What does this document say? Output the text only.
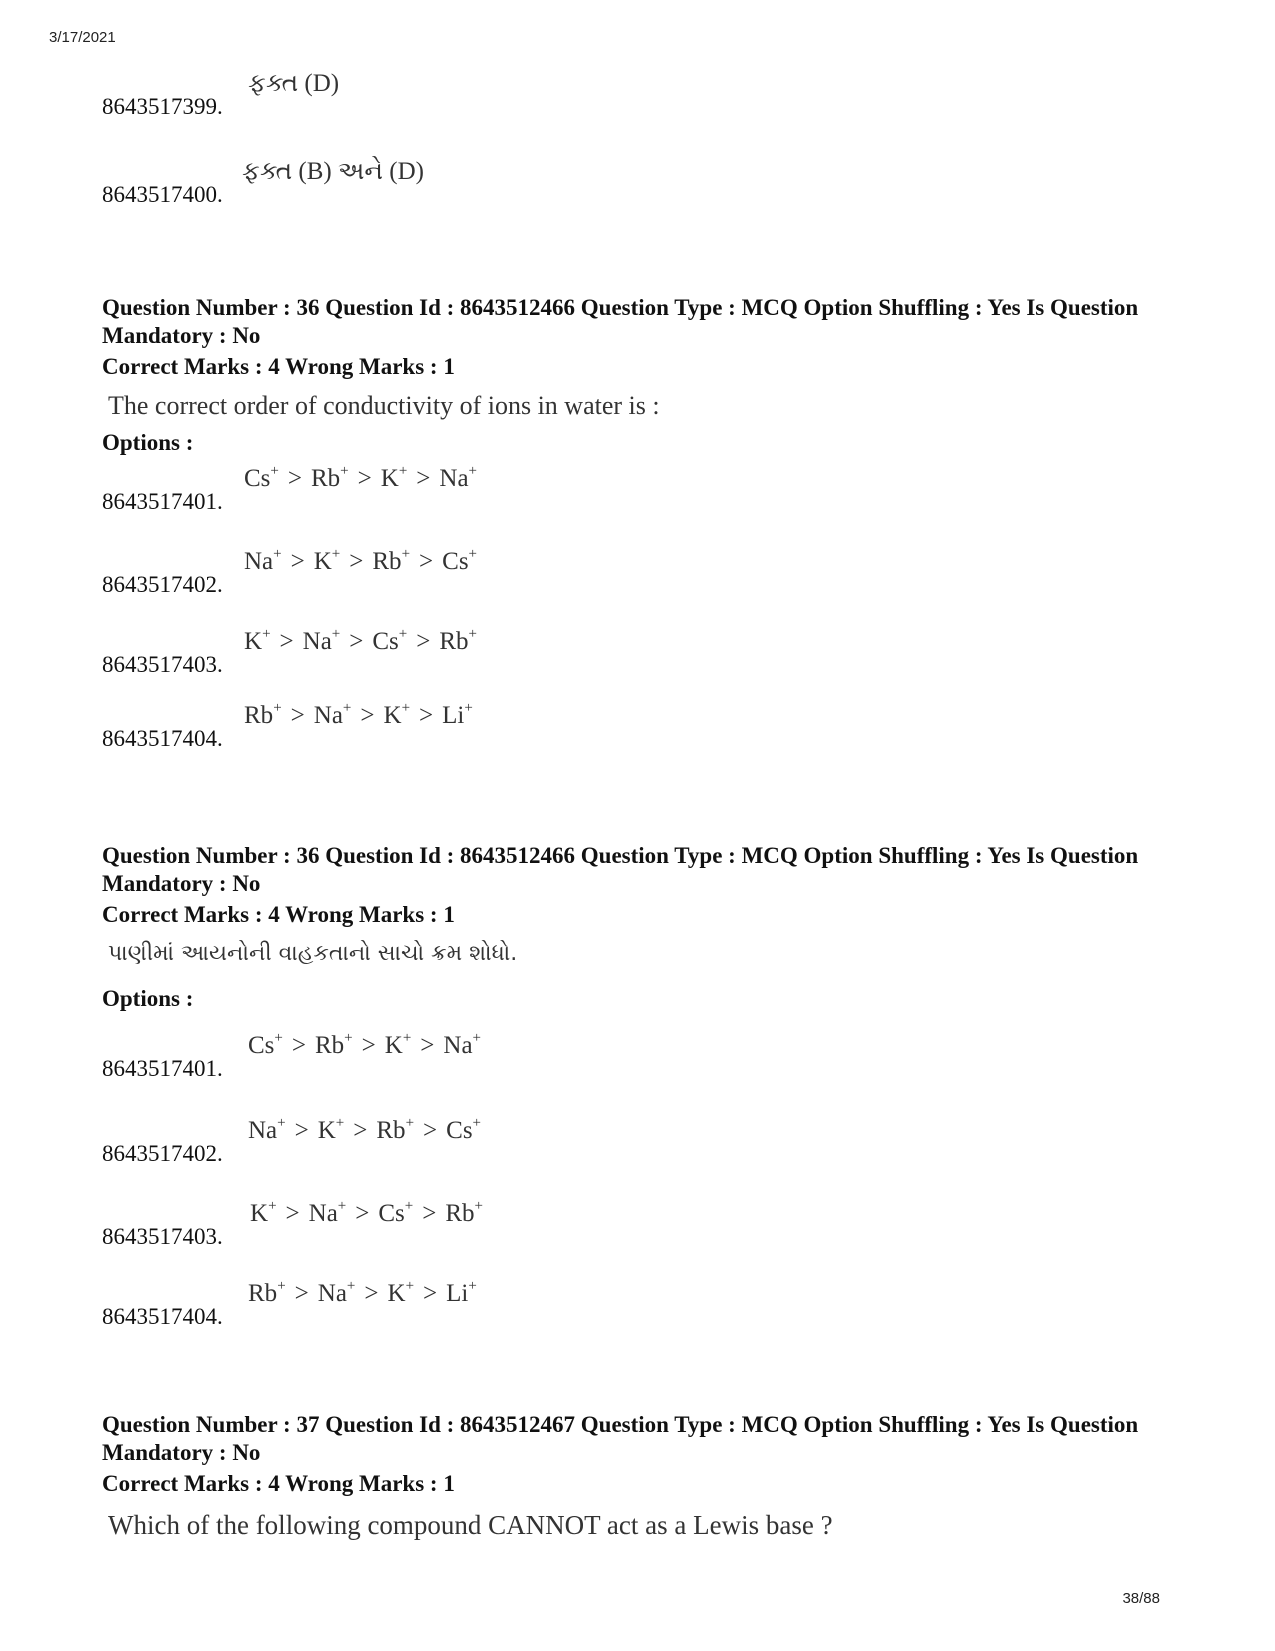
3/17/2021
8643517399.
ફક્ત (D)
8643517400.
ફક્ત (B) અને (D)
Question Number : 36 Question Id : 8643512466 Question Type : MCQ Option Shuffling : Yes Is Question Mandatory : No
Correct Marks : 4 Wrong Marks : 1
The correct order of conductivity of ions in water is :
Options :
8643517401.
Cs+ > Rb+ > K+ > Na+
8643517402.
Na+ > K+ > Rb+ > Cs+
8643517403.
K+ > Na+ > Cs+ > Rb+
8643517404.
Rb+ > Na+ > K+ > Li+
Question Number : 36 Question Id : 8643512466 Question Type : MCQ Option Shuffling : Yes Is Question Mandatory : No
Correct Marks : 4 Wrong Marks : 1
પાણીમાં આયનોની વાહકતાનો સાચો ક્રમ શોધો.
Options :
8643517401.
Cs+ > Rb+ > K+ > Na+
8643517402.
Na+ > K+ > Rb+ > Cs+
8643517403.
K+ > Na+ > Cs+ > Rb+
8643517404.
Rb+ > Na+ > K+ > Li+
Question Number : 37 Question Id : 8643512467 Question Type : MCQ Option Shuffling : Yes Is Question Mandatory : No
Correct Marks : 4 Wrong Marks : 1
Which of the following compound CANNOT act as a Lewis base ?
38/88
